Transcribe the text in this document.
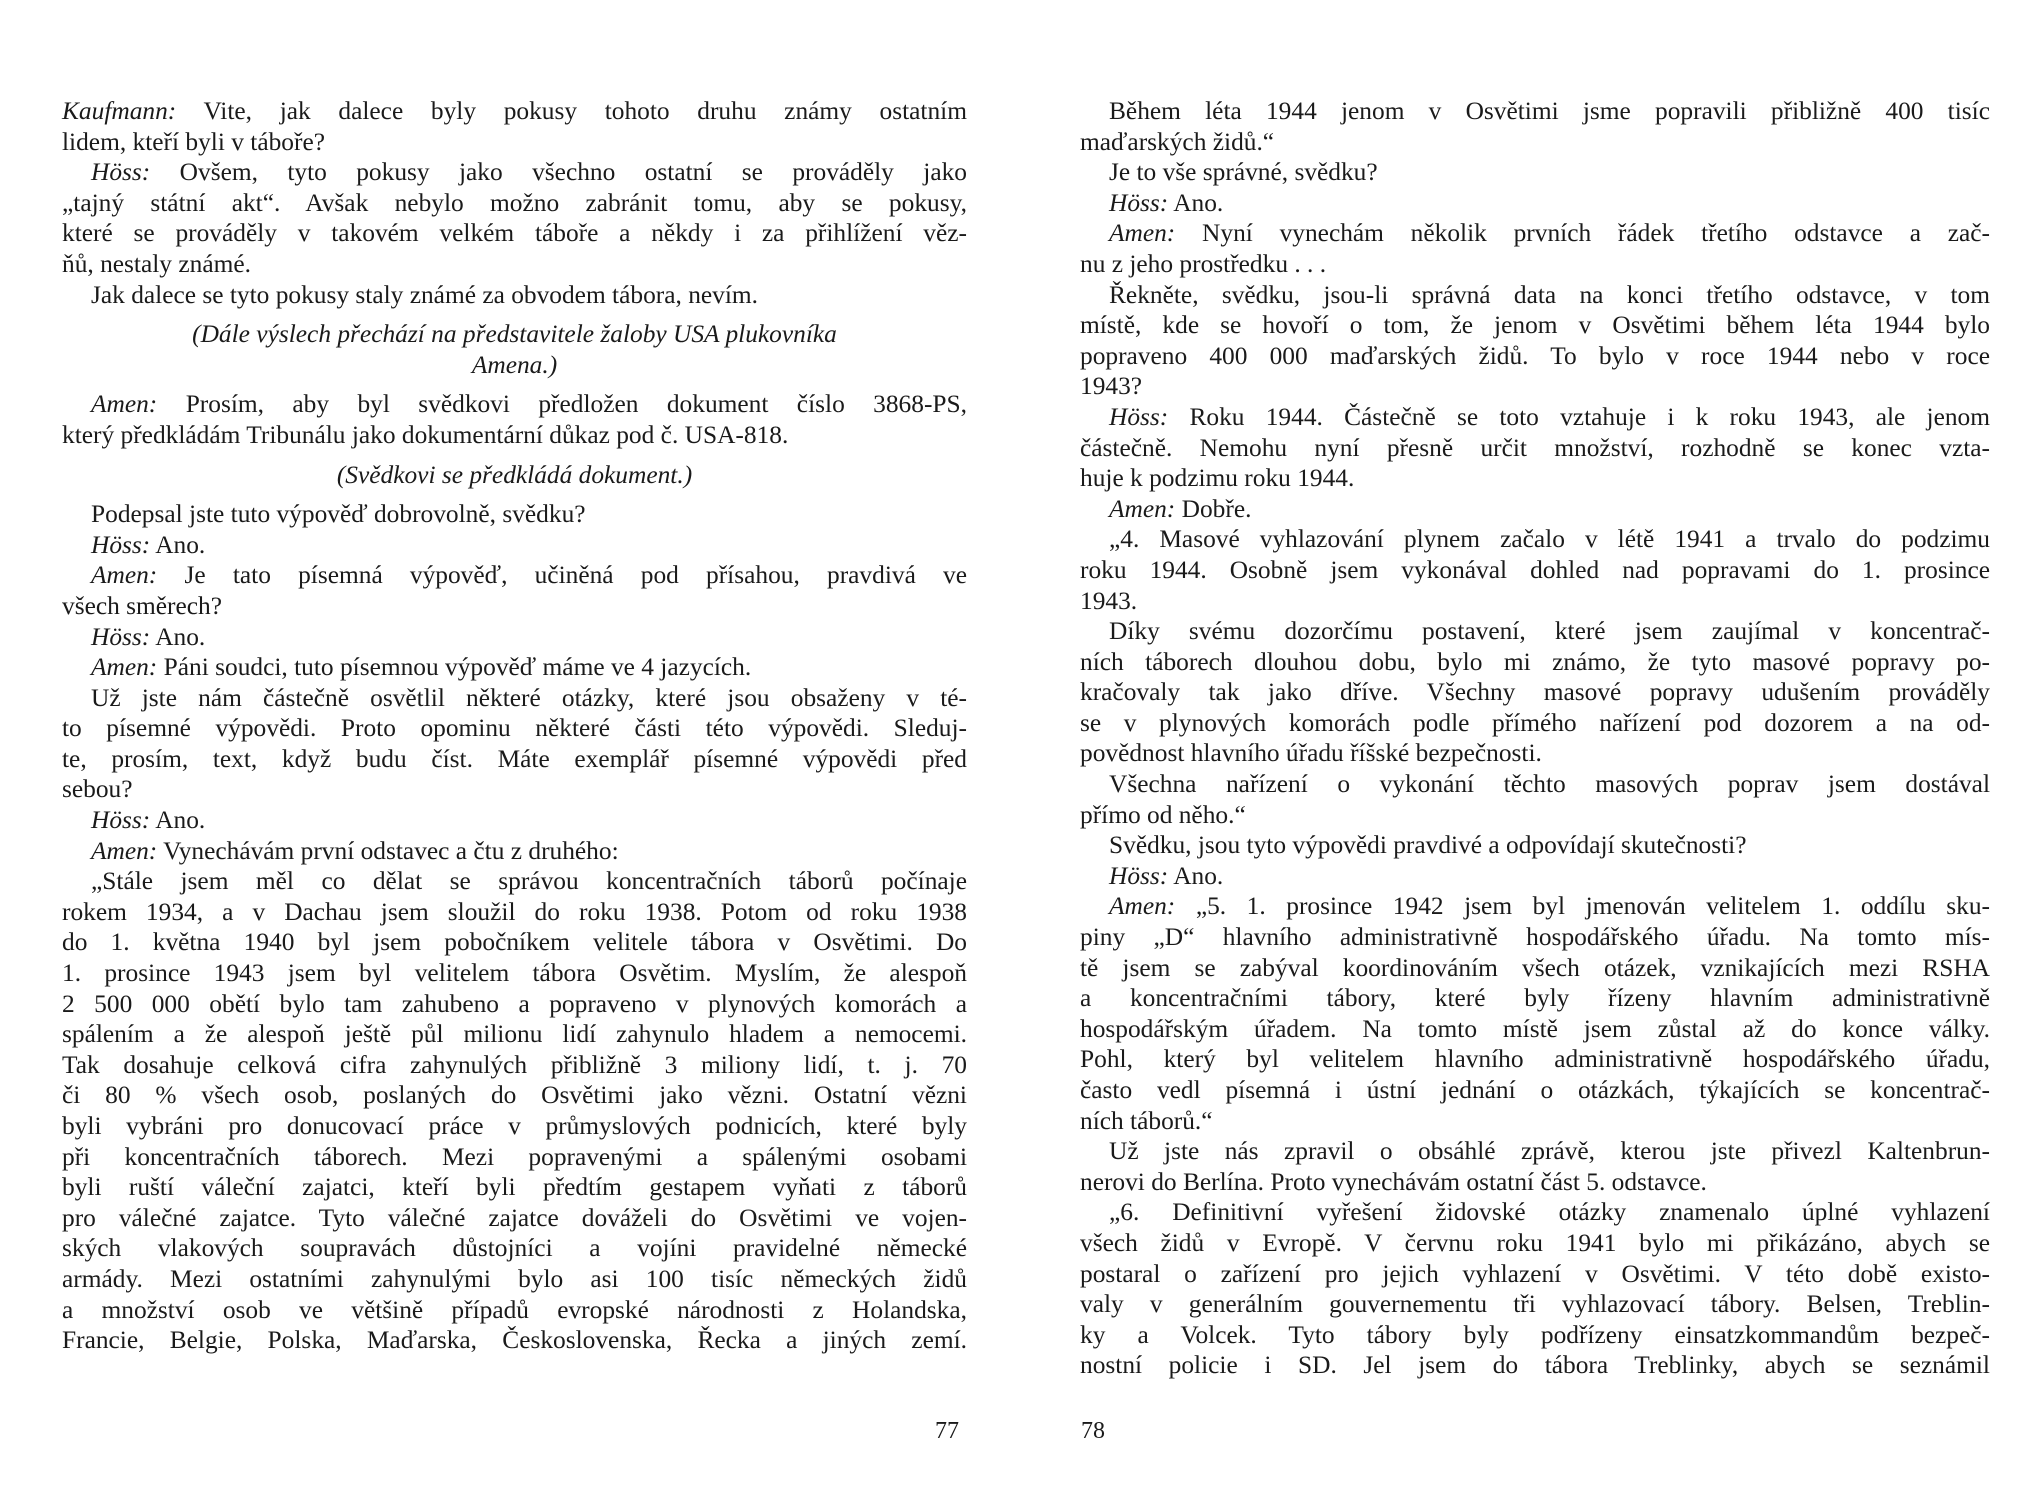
Kaufmann: Vite, jak dalece byly pokusy tohoto druhu známy ostatním
lidem, kteří byli v táboře?
Höss: Ovšem, tyto pokusy jako všechno ostatní se prováděly jako
„tajný státní akt“. Avšak nebylo možno zabránit tomu, aby se pokusy,
které se prováděly v takovém velkém táboře a někdy i za přihlížení věz-
ňů, nestaly známé.
Jak dalece se tyto pokusy staly známé za obvodem tábora, nevím.
(Dále výslech přechází na představitele žaloby USA plukovníka
Amena.)
Amen: Prosím, aby byl svědkovi předložen dokument číslo 3868-PS,
který předkládám Tribunálu jako dokumentární důkaz pod č. USA-818.
(Svědkovi se předkládá dokument.)
Podepsal jste tuto výpověď dobrovolně, svědku?
Höss: Ano.
Amen: Je tato písemná výpověď, učiněná pod přísahou, pravdivá ve
všech směrech?
Höss: Ano.
Amen: Páni soudci, tuto písemnou výpověď máme ve 4 jazycích.
Už jste nám částečně osvětlil některé otázky, které jsou obsaženy v té-
to písemné výpovědi. Proto opominu některé části této výpovědi. Sleduj-
te, prosím, text, když budu číst. Máte exemplář písemné výpovědi před
sebou?
Höss: Ano.
Amen: Vynechávám první odstavec a čtu z druhého:
„Stále jsem měl co dělat se správou koncentračních táborů počínaje
rokem 1934, a v Dachau jsem sloužil do roku 1938. Potom od roku 1938
do 1. května 1940 byl jsem pobočníkem velitele tábora v Osvětimi. Do
1. prosince 1943 jsem byl velitelem tábora Osvětim. Myslím, že alespoň
2 500 000 obětí bylo tam zahubeno a popraveno v plynových komorách a
spálením a že alespoň ještě půl milionu lidí zahynulo hladem a nemocemi.
Tak dosahuje celková cifra zahynulých přibližně 3 miliony lidí, t. j. 70
či 80 % všech osob, poslaných do Osvětimi jako vězni. Ostatní vězni
byli vybráni pro donucovací práce v průmyslových podnicích, které byly
při koncentračních táborech. Mezi popravenými a spálenými osobami
byli ruští váleční zajatci, kteří byli předtím gestapem vyňati z táborů
pro válečné zajatce. Tyto válečné zajatce dováželi do Osvětimi ve vojen-
ských vlakových soupravách důstojníci a vojíni pravidelné německé
armády. Mezi ostatními zahynulými bylo asi 100 tisíc německých židů
a množství osob ve většině případů evropské národnosti z Holandska,
Francie, Belgie, Polska, Maďarska, Československa, Řecka a jiných zemí.
Během léta 1944 jenom v Osvětimi jsme popravili přibližně 400 tisíc
maďarských židů.“
Je to vše správné, svědku?
Höss: Ano.
Amen: Nyní vynechám několik prvních řádek třetího odstavce a zač-
nu z jeho prostředku . . .
Řekněte, svědku, jsou-li správná data na konci třetího odstavce, v tom
místě, kde se hovoří o tom, že jenom v Osvětimi během léta 1944 bylo
popraveno 400 000 maďarských židů. To bylo v roce 1944 nebo v roce
1943?
Höss: Roku 1944. Částečně se toto vztahuje i k roku 1943, ale jenom
částečně. Nemohu nyní přesně určit množství, rozhodně se konec vzta-
huje k podzimu roku 1944.
Amen: Dobře.
„4. Masové vyhlazování plynem začalo v létě 1941 a trvalo do podzimu
roku 1944. Osobně jsem vykonával dohled nad popravami do 1. prosince
1943.
Díky svému dozorčímu postavení, které jsem zaujímal v koncentrač-
ních táborech dlouhou dobu, bylo mi známo, že tyto masové popravy po-
kračovaly tak jako dříve. Všechny masové popravy udušením prováděly
se v plynových komorách podle přímého nařízení pod dozorem a na od-
povědnost hlavního úřadu říšské bezpečnosti.
Všechna nařízení o vykonání těchto masových poprav jsem dostával
přímo od něho.“
Svědku, jsou tyto výpovědi pravdivé a odpovídají skutečnosti?
Höss: Ano.
Amen: „5. 1. prosince 1942 jsem byl jmenován velitelem 1. oddílu sku-
piny „D“ hlavního administrativně hospodářského úřadu. Na tomto mís-
tě jsem se zabýval koordinováním všech otázek, vznikajících mezi RSHA
a koncentračními tábory, které byly řízeny hlavním administrativně
hospodářským úřadem. Na tomto místě jsem zůstal až do konce války.
Pohl, který byl velitelem hlavního administrativně hospodářského úřadu,
často vedl písemná i ústní jednání o otázkách, týkajících se koncentrač-
ních táborů.“
Už jste nás zpravil o obsáhlé zprávě, kterou jste přivezl Kaltenbrun-
nerovi do Berlína. Proto vynechávám ostatní část 5. odstavce.
„6. Definitivní vyřešení židovské otázky znamenalo úplné vyhlazení
všech židů v Evropě. V červnu roku 1941 bylo mi přikázáno, abych se
postaral o zařízení pro jejich vyhlazení v Osvětimi. V této době existo-
valy v generálním gouvernementu tři vyhlazovací tábory. Belsen, Treblin-
ky a Volcek. Tyto tábory byly podřízeny einsatzkommandům bezpeč-
nostní policie i SD. Jel jsem do tábora Treblinky, abych se seznámil
77	78
